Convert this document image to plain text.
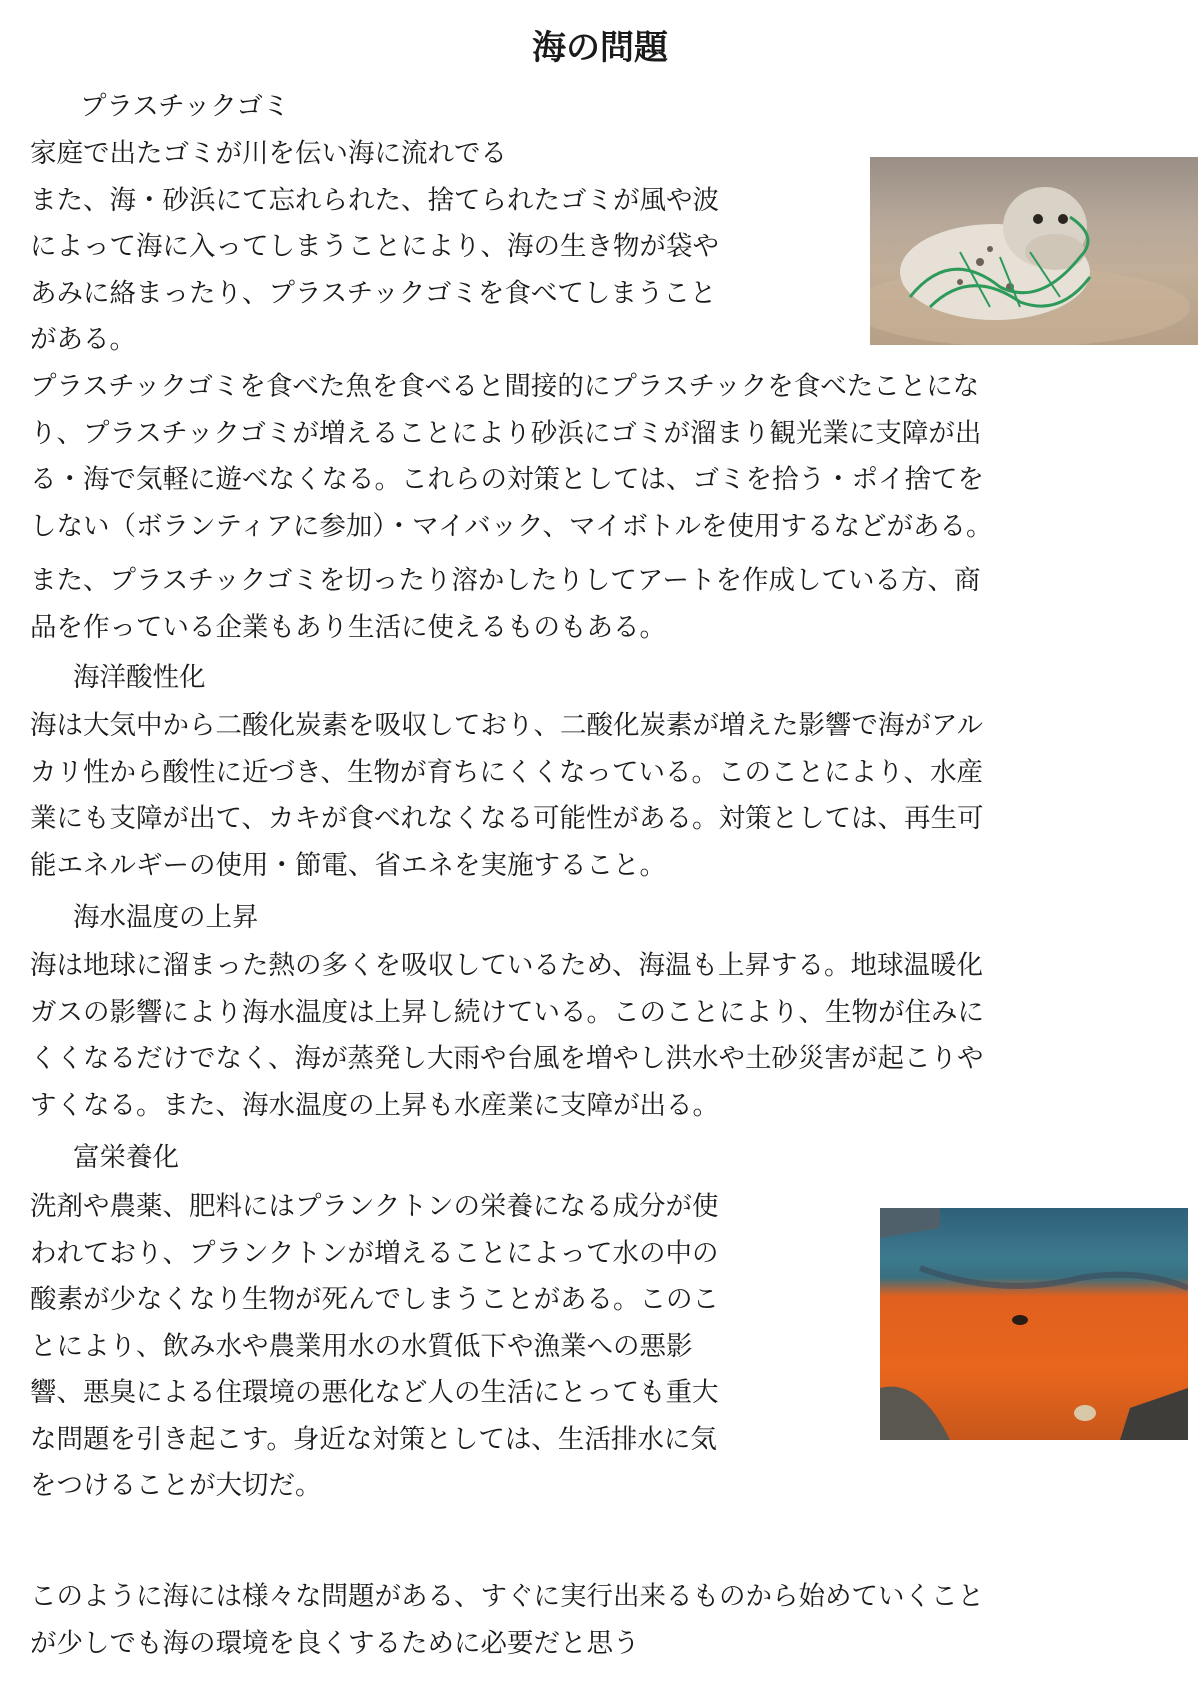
海の問題
プラスチックゴミ
家庭で出たゴミが川を伝い海に流れでる
また、海・砂浜にて忘れられた、捨てられたゴミが風や波
によって海に入ってしまうことにより、海の生き物が袋や
あみに絡まったり、プラスチックゴミを食べてしまうこと
がある。
プラスチックゴミを食べた魚を食べると間接的にプラスチックを食べたことにな
り、プラスチックゴミが増えることにより砂浜にゴミが溜まり観光業に支障が出
る・海で気軽に遊べなくなる。これらの対策としては、ゴミを拾う・ポイ捨てを
しない（ボランティアに参加）・マイバック、マイボトルを使用するなどがある。
また、プラスチックゴミを切ったり溶かしたりしてアートを作成している方、商
品を作っている企業もあり生活に使えるものもある。
海洋酸性化
海は大気中から二酸化炭素を吸収しており、二酸化炭素が増えた影響で海がアル
カリ性から酸性に近づき、生物が育ちにくくなっている。このことにより、水産
業にも支障が出て、カキが食べれなくなる可能性がある。対策としては、再生可
能エネルギーの使用・節電、省エネを実施すること。
海水温度の上昇
海は地球に溜まった熱の多くを吸収しているため、海温も上昇する。地球温暖化
ガスの影響により海水温度は上昇し続けている。このことにより、生物が住みに
くくなるだけでなく、海が蒸発し大雨や台風を増やし洪水や土砂災害が起こりや
すくなる。また、海水温度の上昇も水産業に支障が出る。
富栄養化
洗剤や農薬、肥料にはプランクトンの栄養になる成分が使
われており、プランクトンが増えることによって水の中の
酸素が少なくなり生物が死んでしまうことがある。このこ
とにより、飲み水や農業用水の水質低下や漁業への悪影
響、悪臭による住環境の悪化など人の生活にとっても重大
な問題を引き起こす。身近な対策としては、生活排水に気
をつけることが大切だ。
このように海には様々な問題がある、すぐに実行出来るものから始めていくこと
が少しでも海の環境を良くするために必要だと思う
